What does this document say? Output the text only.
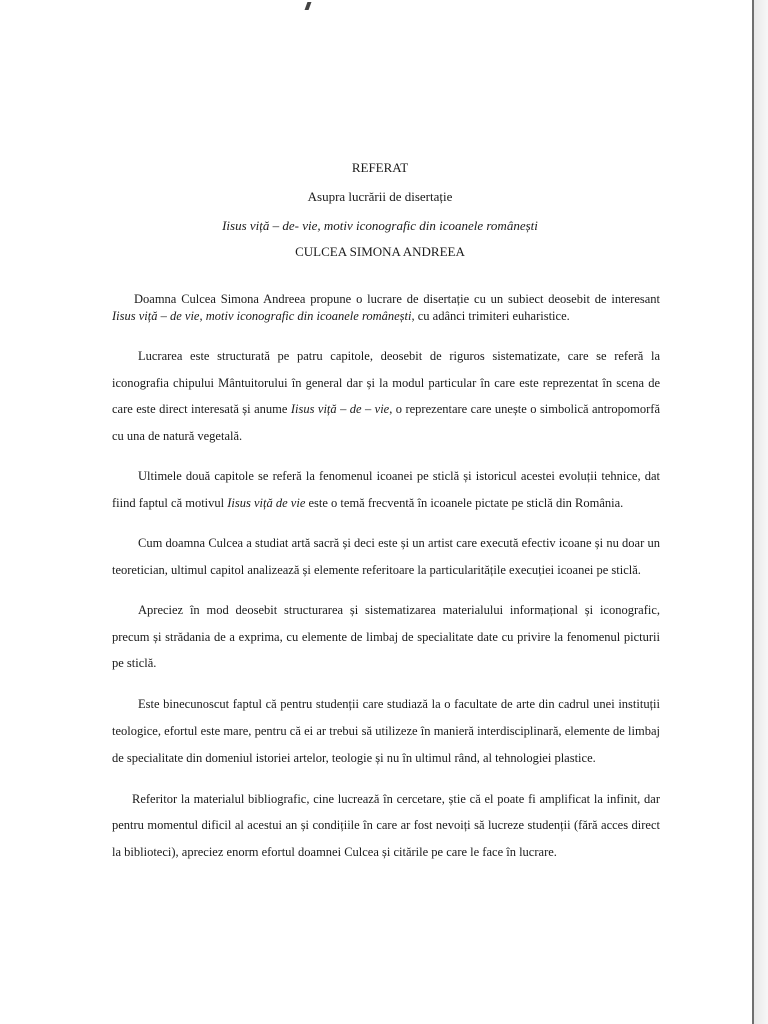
REFERAT
Asupra lucrării de disertație
Iisus viță – de- vie, motiv iconografic din icoanele românești
CULCEA SIMONA ANDREEA

Doamna Culcea Simona Andreea propune o lucrare de disertație cu un subiect deosebit de interesant Iisus viță – de vie, motiv iconografic din icoanele românești, cu adânci trimiteri euharistice.

Lucrarea este structurată pe patru capitole, deosebit de riguros sistematizate, care se referă la iconografia chipului Mântuitorului în general dar și la modul particular în care este reprezentat în scena de care este direct interesată și anume Iisus viță – de – vie, o reprezentare care unește o simbolică antropomorfă cu una de natură vegetală.

Ultimele două capitole se referă la fenomenul icoanei pe sticlă și istoricul acestei evoluții tehnice, dat fiind faptul că motivul Iisus viță de vie este o temă frecventă în icoanele pictate pe sticlă din România.

Cum doamna Culcea a studiat artă sacră și deci este și un artist care execută efectiv icoane și nu doar un teoretician, ultimul capitol analizează și elemente referitoare la particularitățile execuției icoanei pe sticlă.

Apreciez în mod deosebit structurarea și sistematizarea materialului informațional și iconografic, precum și strădania de a exprima, cu elemente de limbaj de specialitate date cu privire la fenomenul picturii pe sticlă.

Este binecunoscut faptul că pentru studenții care studiază la o facultate de arte din cadrul unei instituții teologice, efortul este mare, pentru că ei ar trebui să utilizeze în manieră interdisciplinară, elemente de limbaj de specialitate din domeniul istoriei artelor, teologie și nu în ultimul rând, al tehnologiei plastice.

Referitor la materialul bibliografic, cine lucrează în cercetare, știe că el poate fi amplificat la infinit, dar pentru momentul dificil al acestui an și condițiile în care ar fost nevoiți să lucreze studenții (fără acces direct la biblioteci), apreciez enorm efortul doamnei Culcea și citările pe care le face în lucrare.
